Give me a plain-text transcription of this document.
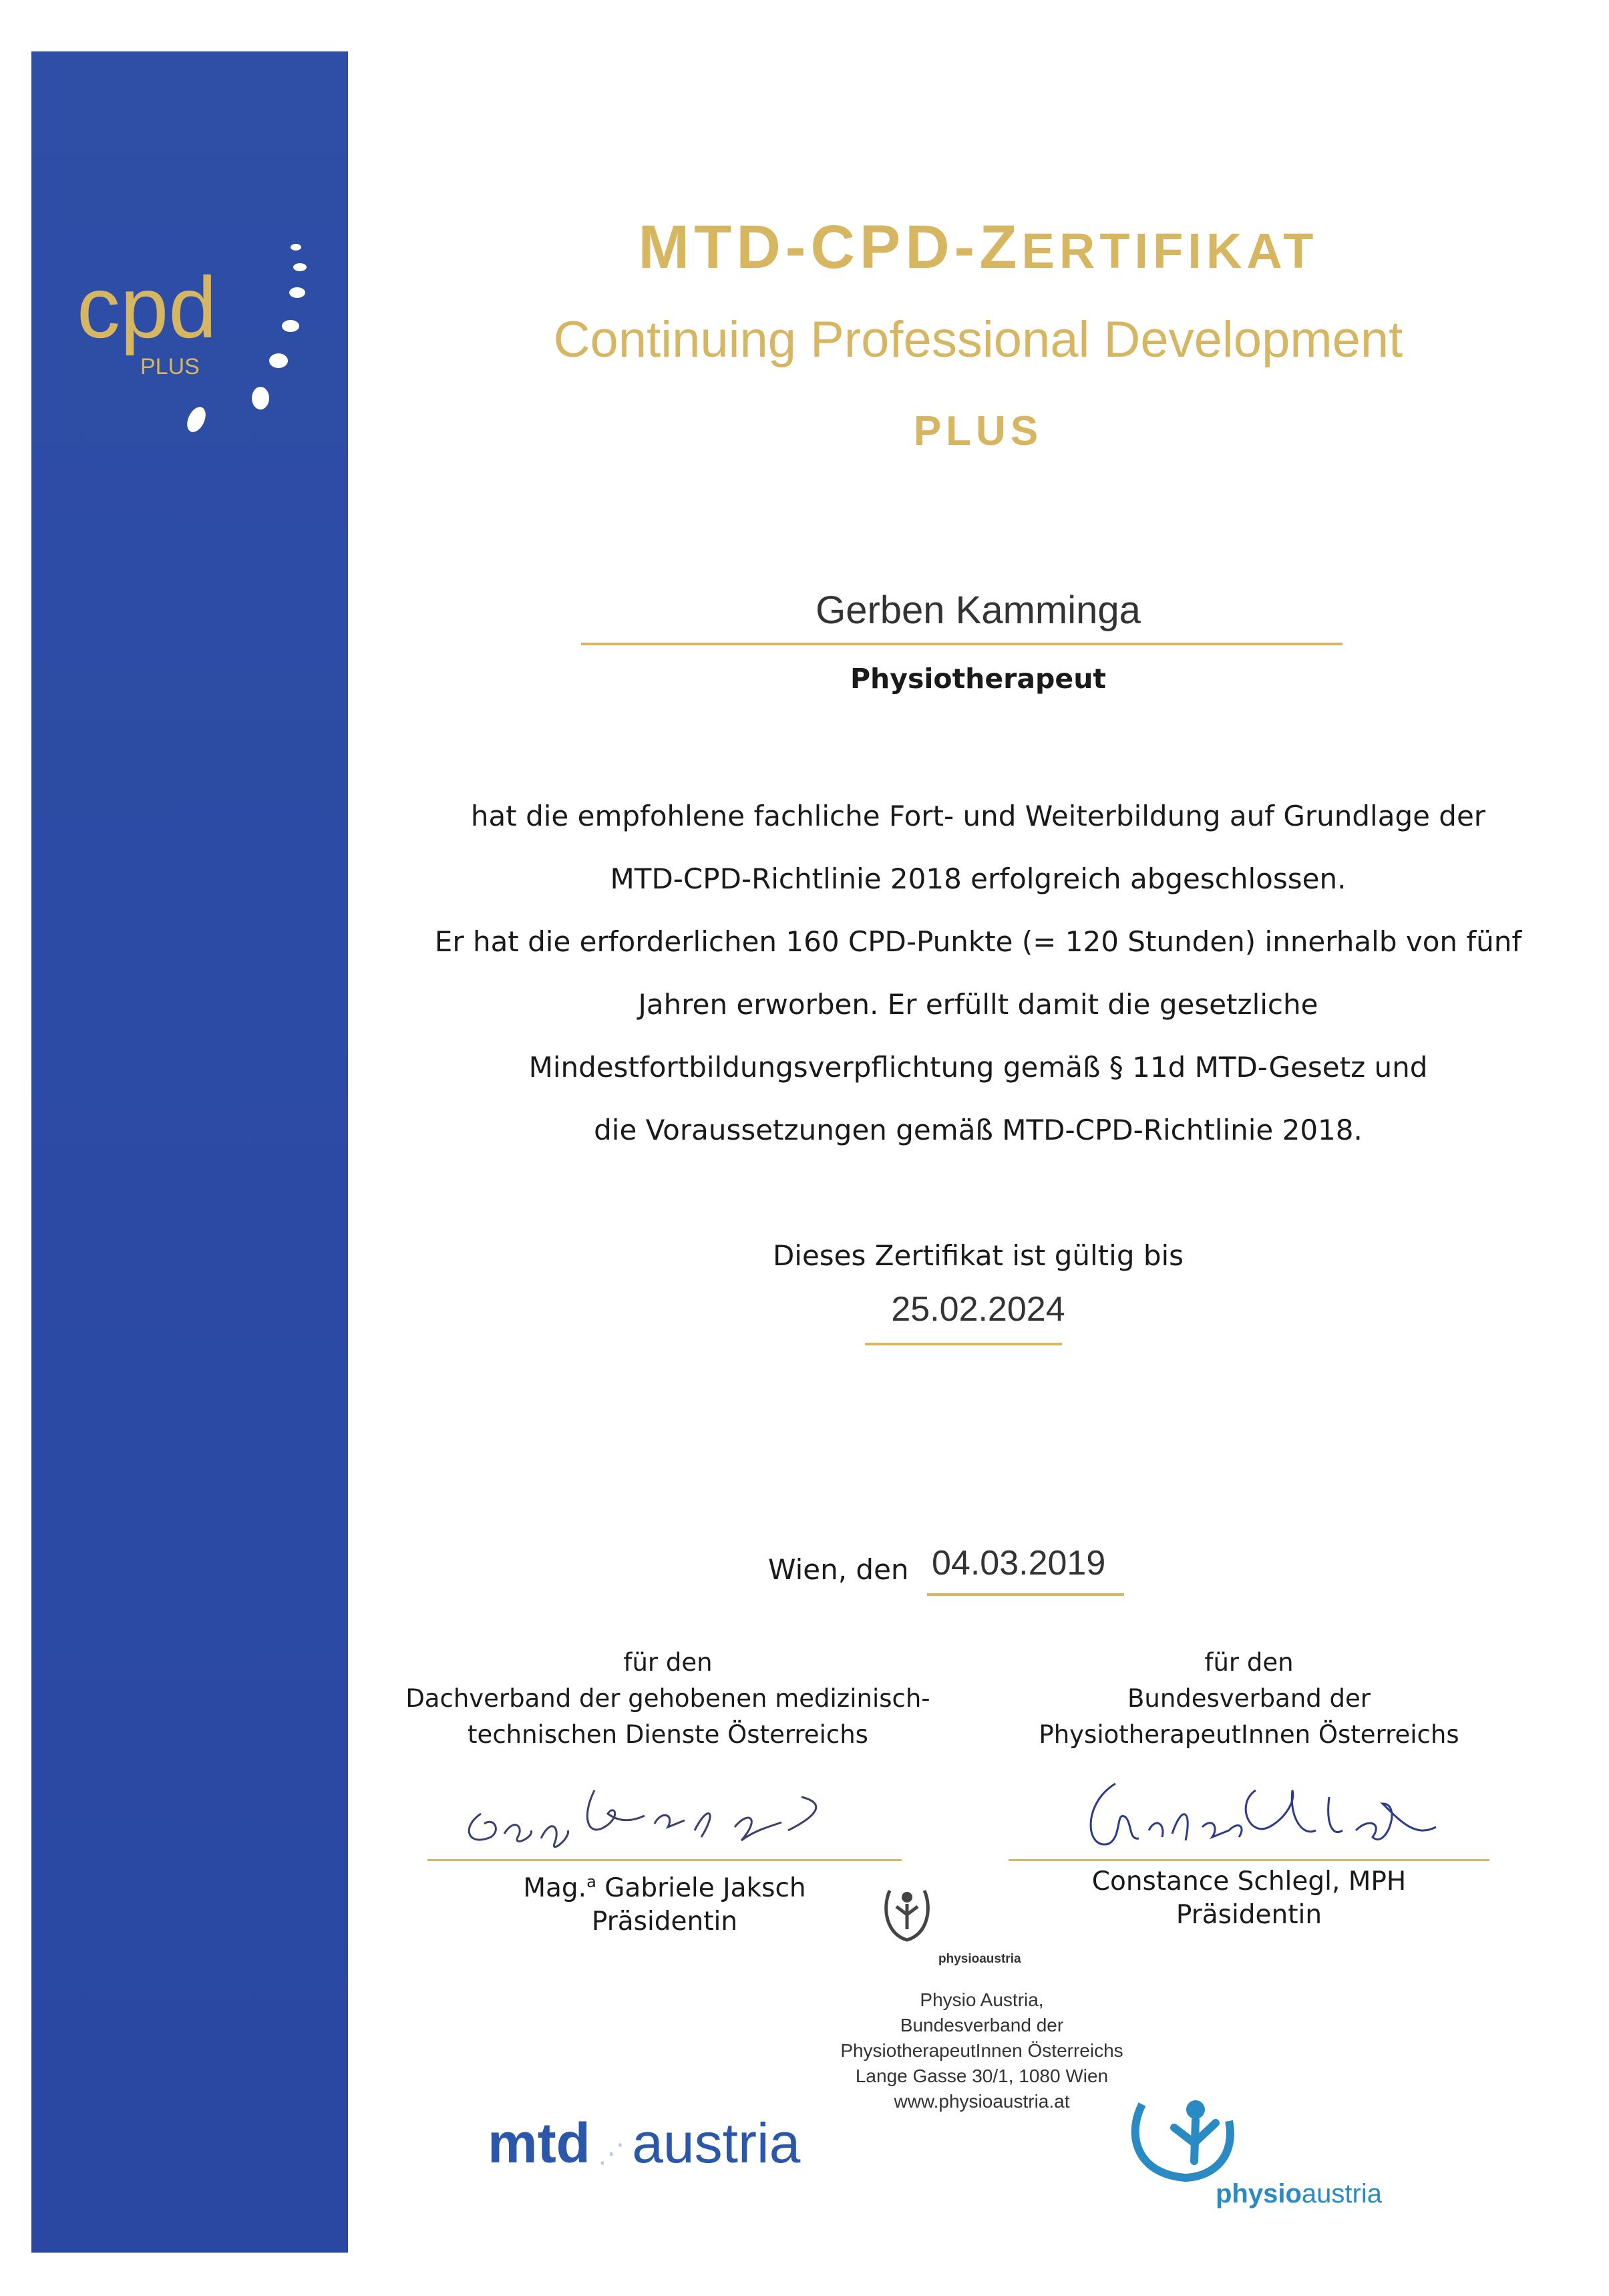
cpd
PLUS
MTD-CPD-ZERTIFIKAT
Continuing Professional Development
PLUS
Gerben Kamminga
Physiotherapeut
hat die empfohlene fachliche Fort- und Weiterbildung auf Grundlage der
MTD-CPD-Richtlinie 2018 erfolgreich abgeschlossen.
Er hat die erforderlichen 160 CPD-Punkte (= 120 Stunden) innerhalb von fünf
Jahren erworben. Er erfüllt damit die gesetzliche
Mindestfortbildungsverpflichtung gemäß § 11d MTD-Gesetz und
die Voraussetzungen gemäß MTD-CPD-Richtlinie 2018.
Dieses Zertifikat ist gültig bis
25.02.2024
Wien, den 04.03.2019
für den
Dachverband der gehobenen medizinisch-
technischen Dienste Österreichs
für den
Bundesverband der
PhysiotherapeutInnen Österreichs
Mag.$^a$ Gabriele Jaksch
Präsidentin
Constance Schlegl, MPH
Präsidentin
physioaustria
Physio Austria,
Bundesverband der
PhysiotherapeutInnen Österreichs
Lange Gasse 30/1, 1080 Wien
www.physioaustria.at
mtd ⋰ austria
physioaustria
